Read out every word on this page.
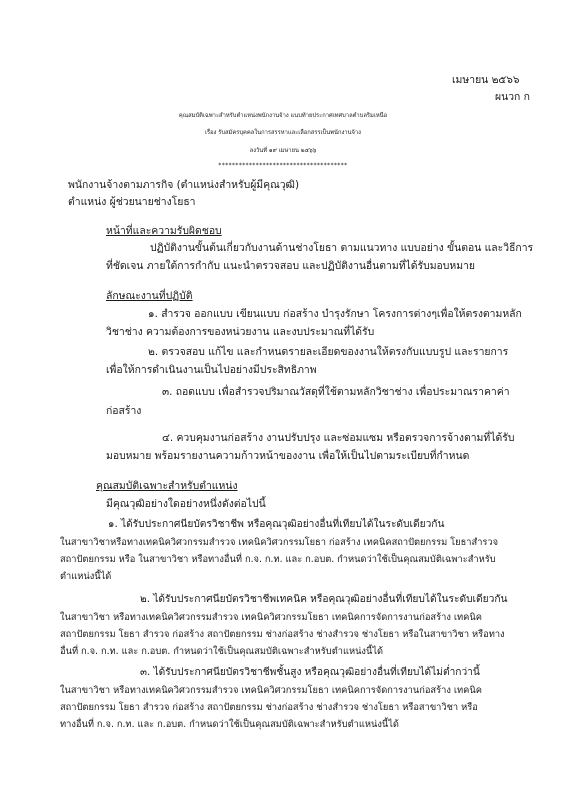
เมษายน ๒๕๖๖
ผนวก ก
คุณสมบัติเฉพาะสำหรับตำแหน่งพนักงานจ้าง แนบท้ายประกาศเทศบาลตำบลริมเหนือ
เรื่อง รับสมัครบุคคลในการสรรหาและเลือกสรรเป็นพนักงานจ้าง
ลงวันที่ ๑๙ เมษายน ๒๕๖๖
**************************************
พนักงานจ้างตามภารกิจ (ตำแหน่งสำหรับผู้มีคุณวุฒิ)
ตำแหน่ง ผู้ช่วยนายช่างโยธา
หน้าที่และความรับผิดชอบ
ปฏิบัติงานขั้นต้นเกี่ยวกับงานด้านช่างโยธา ตามแนวทาง แบบอย่าง ขั้นตอน และวิธีการ
ที่ชัดเจน ภายใต้การกำกับ แนะนำตรวจสอบ และปฏิบัติงานอื่นตามที่ได้รับมอบหมาย
ลักษณะงานที่ปฏิบัติ
๑. สำรวจ ออกแบบ เขียนแบบ ก่อสร้าง บำรุงรักษา โครงการต่างๆเพื่อให้ตรงตามหลัก
วิชาช่าง ความต้องการของหน่วยงาน และงบประมาณที่ได้รับ
๒. ตรวจสอบ แก้ไข และกำหนดรายละเอียดของงานให้ตรงกับแบบรูป และรายการ
เพื่อให้การดำเนินงานเป็นไปอย่างมีประสิทธิภาพ
๓. ถอดแบบ เพื่อสำรวจปริมาณวัสดุที่ใช้ตามหลักวิชาช่าง เพื่อประมาณราคาค่า
ก่อสร้าง
๔. ควบคุมงานก่อสร้าง งานปรับปรุง และซ่อมแซม หรือตรวจการจ้างตามที่ได้รับ
มอบหมาย พร้อมรายงานความก้าวหน้าของงาน เพื่อให้เป็นไปตามระเบียบที่กำหนด
คุณสมบัติเฉพาะสำหรับตำแหน่ง
มีคุณวุฒิอย่างใดอย่างหนึ่งดังต่อไปนี้
๑. ได้รับประกาศนียบัตรวิชาชีพ หรือคุณวุฒิอย่างอื่นที่เทียบได้ในระดับเดียวกัน
ในสาขาวิชาหรือทางเทคนิควิศวกรรมสำรวจ เทคนิควิศวกรรมโยธา ก่อสร้าง เทคนิคสถาปัตยกรรม โยธาสำรวจ
สถาปัตยกรรม หรือ ในสาขาวิชา หรือทางอื่นที่ ก.จ. ก.ท. และ ก.อบต. กำหนดว่าใช้เป็นคุณสมบัติเฉพาะสำหรับ
ตำแหน่งนี้ได้
๒. ได้รับประกาศนียบัตรวิชาชีพเทคนิค หรือคุณวุฒิอย่างอื่นที่เทียบได้ในระดับเดียวกัน
ในสาขาวิชา หรือทางเทคนิควิศวกรรมสำรวจ เทคนิควิศวกรรมโยธา เทคนิคการจัดการงานก่อสร้าง เทคนิค
สถาปัตยกรรม โยธา สำรวจ ก่อสร้าง สถาปัตยกรรม ช่างก่อสร้าง ช่างสำรวจ ช่างโยธา หรือในสาขาวิชา หรือทาง
อื่นที่ ก.จ. ก.ท. และ ก.อบต. กำหนดว่าใช้เป็นคุณสมบัติเฉพาะสำหรับตำแหน่งนี้ได้
๓. ได้รับประกาศนียบัตรวิชาชีพชั้นสูง หรือคุณวุฒิอย่างอื่นที่เทียบได้ไม่ต่ำกว่านี้
ในสาขาวิชา หรือทางเทคนิควิศวกรรมสำรวจ เทคนิควิศวกรรมโยธา เทคนิคการจัดการงานก่อสร้าง เทคนิค
สถาปัตยกรรม โยธา สำรวจ ก่อสร้าง สถาปัตยกรรม ช่างก่อสร้าง ช่างสำรวจ ช่างโยธา หรือสาขาวิชา หรือ
ทางอื่นที่ ก.จ. ก.ท. และ ก.อบต. กำหนดว่าใช้เป็นคุณสมบัติเฉพาะสำหรับตำแหน่งนี้ได้
